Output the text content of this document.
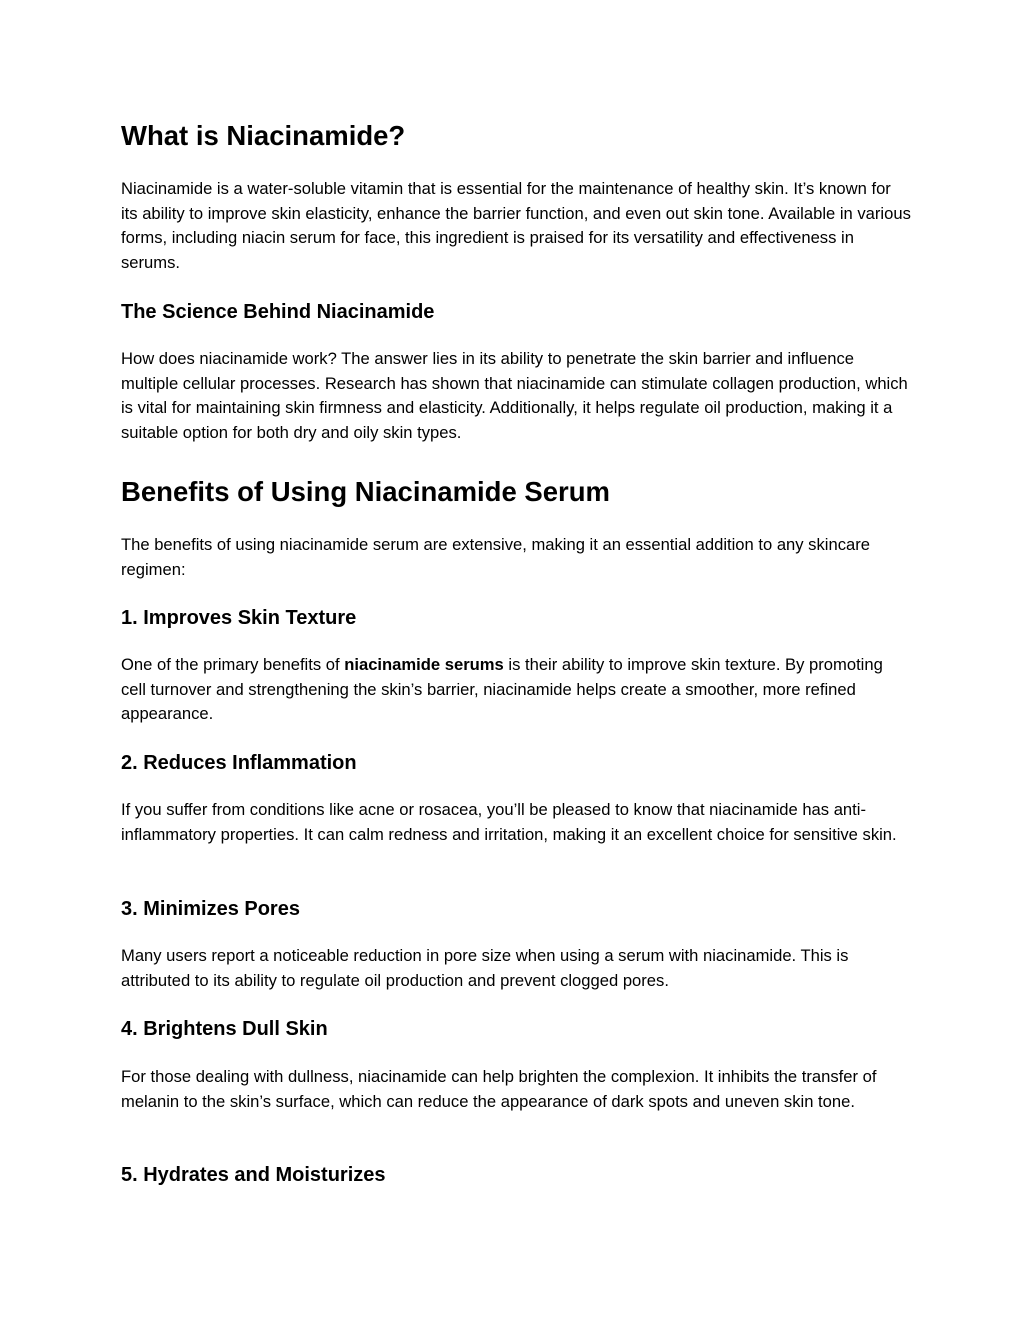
What is Niacinamide?

Niacinamide is a water-soluble vitamin that is essential for the maintenance of healthy skin. It’s known for its ability to improve skin elasticity, enhance the barrier function, and even out skin tone. Available in various forms, including niacin serum for face, this ingredient is praised for its versatility and effectiveness in serums.

The Science Behind Niacinamide

How does niacinamide work? The answer lies in its ability to penetrate the skin barrier and influence multiple cellular processes. Research has shown that niacinamide can stimulate collagen production, which is vital for maintaining skin firmness and elasticity. Additionally, it helps regulate oil production, making it a suitable option for both dry and oily skin types.

Benefits of Using Niacinamide Serum

The benefits of using niacinamide serum are extensive, making it an essential addition to any skincare regimen:

1. Improves Skin Texture

One of the primary benefits of niacinamide serums is their ability to improve skin texture. By promoting cell turnover and strengthening the skin’s barrier, niacinamide helps create a smoother, more refined appearance.

2. Reduces Inflammation

If you suffer from conditions like acne or rosacea, you’ll be pleased to know that niacinamide has anti-inflammatory properties. It can calm redness and irritation, making it an excellent choice for sensitive skin.

3. Minimizes Pores

Many users report a noticeable reduction in pore size when using a serum with niacinamide. This is attributed to its ability to regulate oil production and prevent clogged pores.

4. Brightens Dull Skin

For those dealing with dullness, niacinamide can help brighten the complexion. It inhibits the transfer of melanin to the skin’s surface, which can reduce the appearance of dark spots and uneven skin tone.

5. Hydrates and Moisturizes
